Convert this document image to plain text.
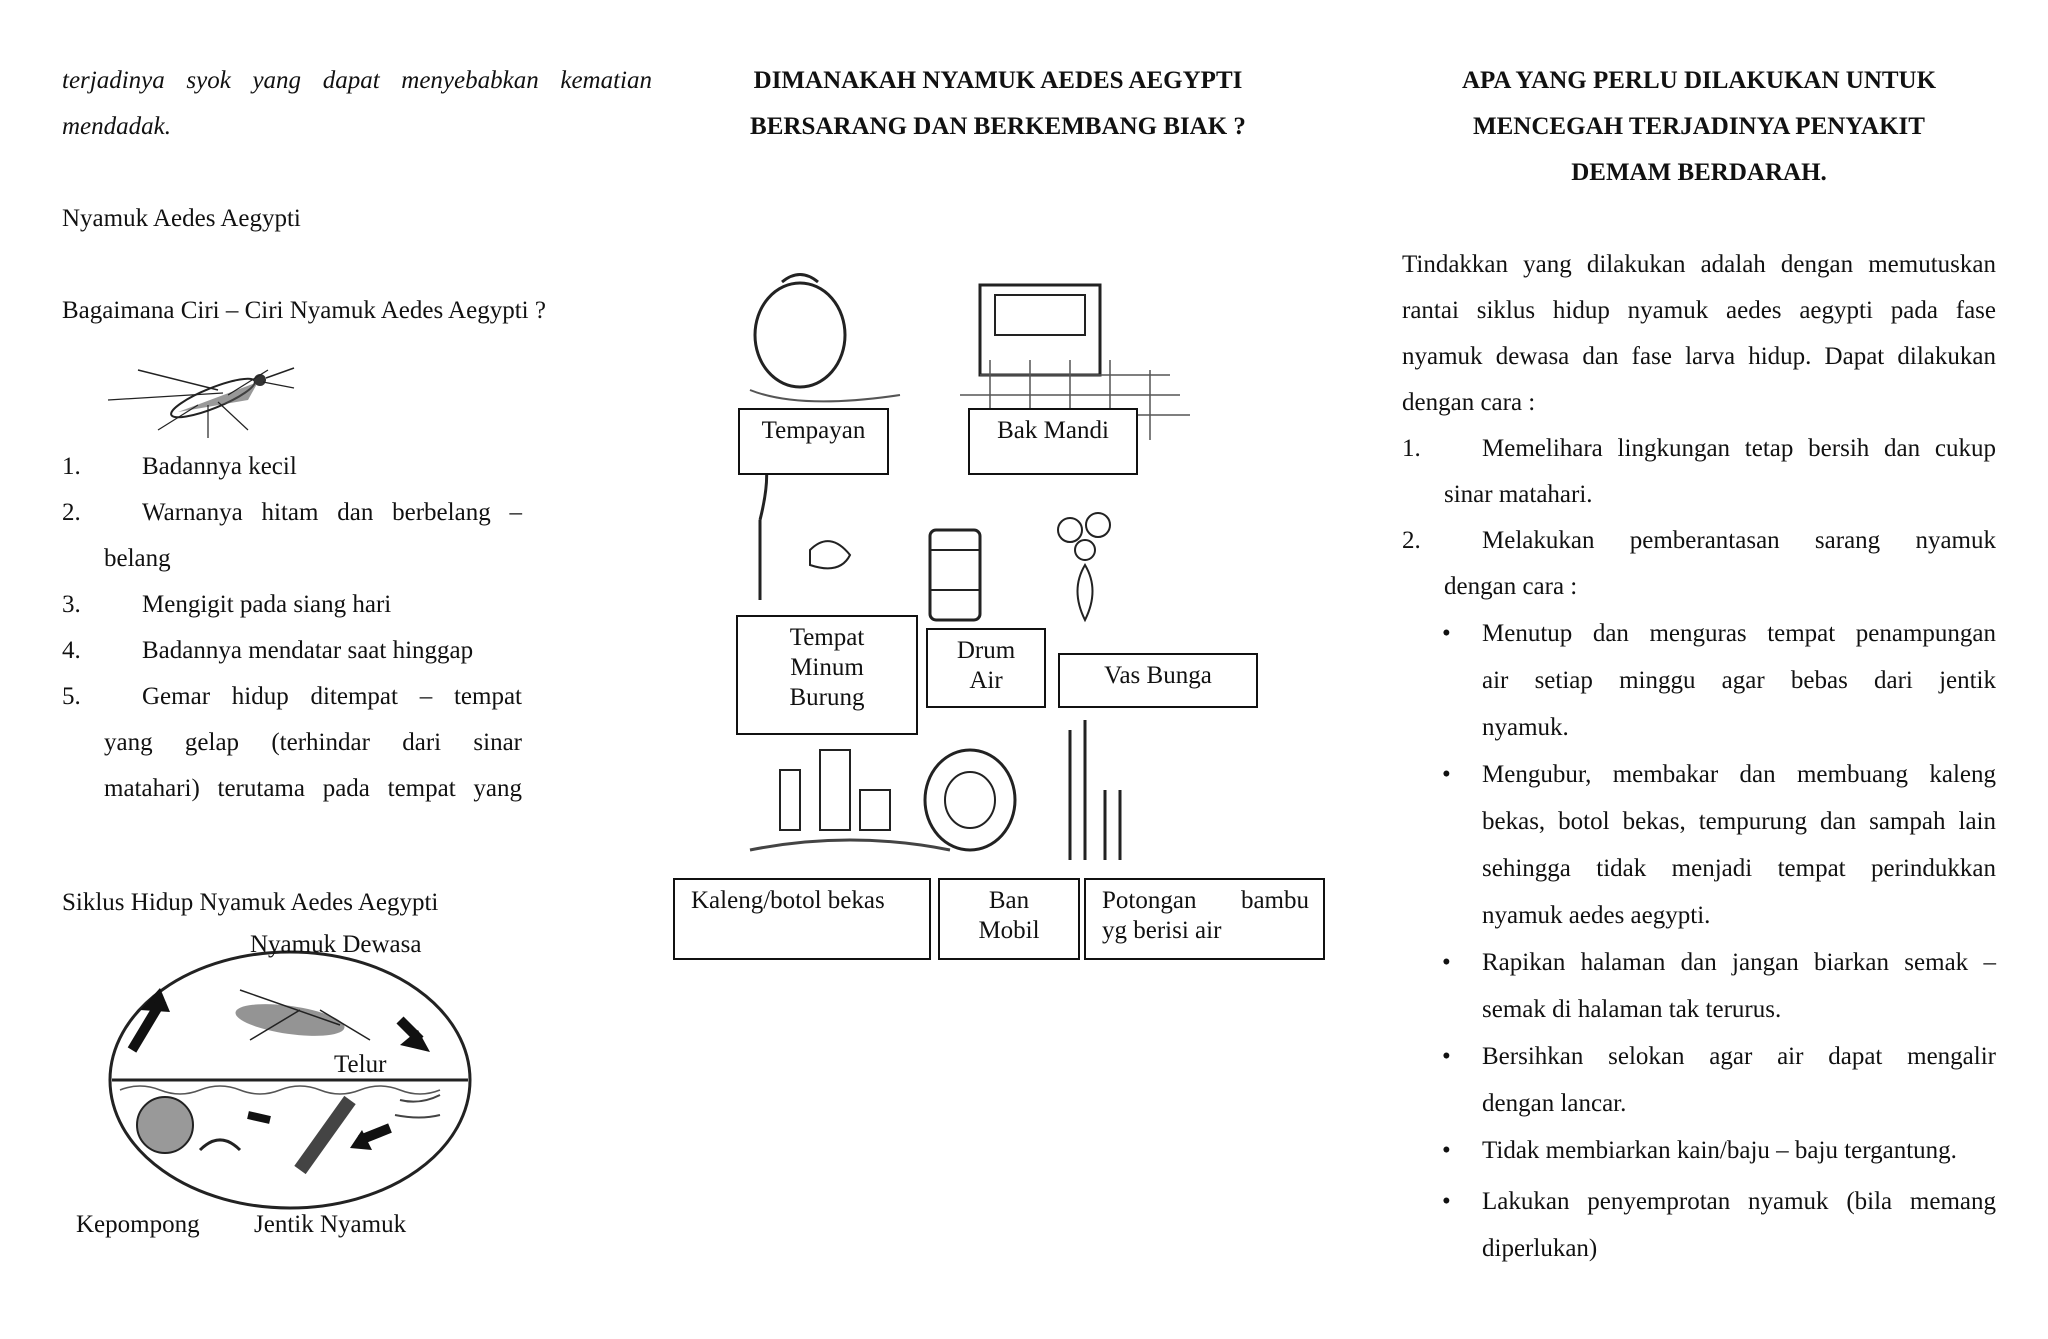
terjadinya syok yang dapat menyebabkan kematian
mendadak.
Nyamuk Aedes Aegypti
Bagaimana Ciri – Ciri Nyamuk Aedes Aegypti ?
1.	Badannya kecil
2.	Warnanya hitam dan berbelang –
belang
3.	Mengigit pada siang hari
4.	Badannya mendatar saat hinggap
5.	Gemar hidup ditempat – tempat
yang gelap (terhindar dari sinar
matahari) terutama pada tempat yang
Siklus Hidup Nyamuk Aedes Aegypti
Nyamuk Dewasa
Telur
Kepompong Jentik Nyamuk
DIMANAKAH NYAMUK AEDES AEGYPTI
BERSARANG DAN BERKEMBANG BIAK ?
Tempayan	Bak Mandi
Tempat
Minum
Burung
Drum
Air	Vas Bunga
Kaleng/botol bekas	Ban
Mobil
Potongan bambu
yg berisi air
APA YANG PERLU DILAKUKAN UNTUK
MENCEGAH TERJADINYA PENYAKIT
DEMAM BERDARAH.
Tindakkan yang dilakukan adalah dengan memutuskan
rantai siklus hidup nyamuk aedes aegypti pada fase
nyamuk dewasa dan fase larva hidup. Dapat dilakukan
dengan cara :
1.	Memelihara lingkungan tetap bersih dan cukup
sinar matahari.
2.	Melakukan pemberantasan sarang nyamuk
dengan cara :
• Menutup dan menguras tempat penampungan
air setiap minggu agar bebas dari jentik
nyamuk.
• Mengubur, membakar dan membuang kaleng
bekas, botol bekas, tempurung dan sampah lain
sehingga tidak menjadi tempat perindukkan
nyamuk aedes aegypti.
• Rapikan halaman dan jangan biarkan semak –
semak di halaman tak terurus.
• Bersihkan selokan agar air dapat mengalir
dengan lancar.
• Tidak membiarkan kain/baju – baju tergantung.
• Lakukan penyemprotan nyamuk (bila memang
diperlukan)
